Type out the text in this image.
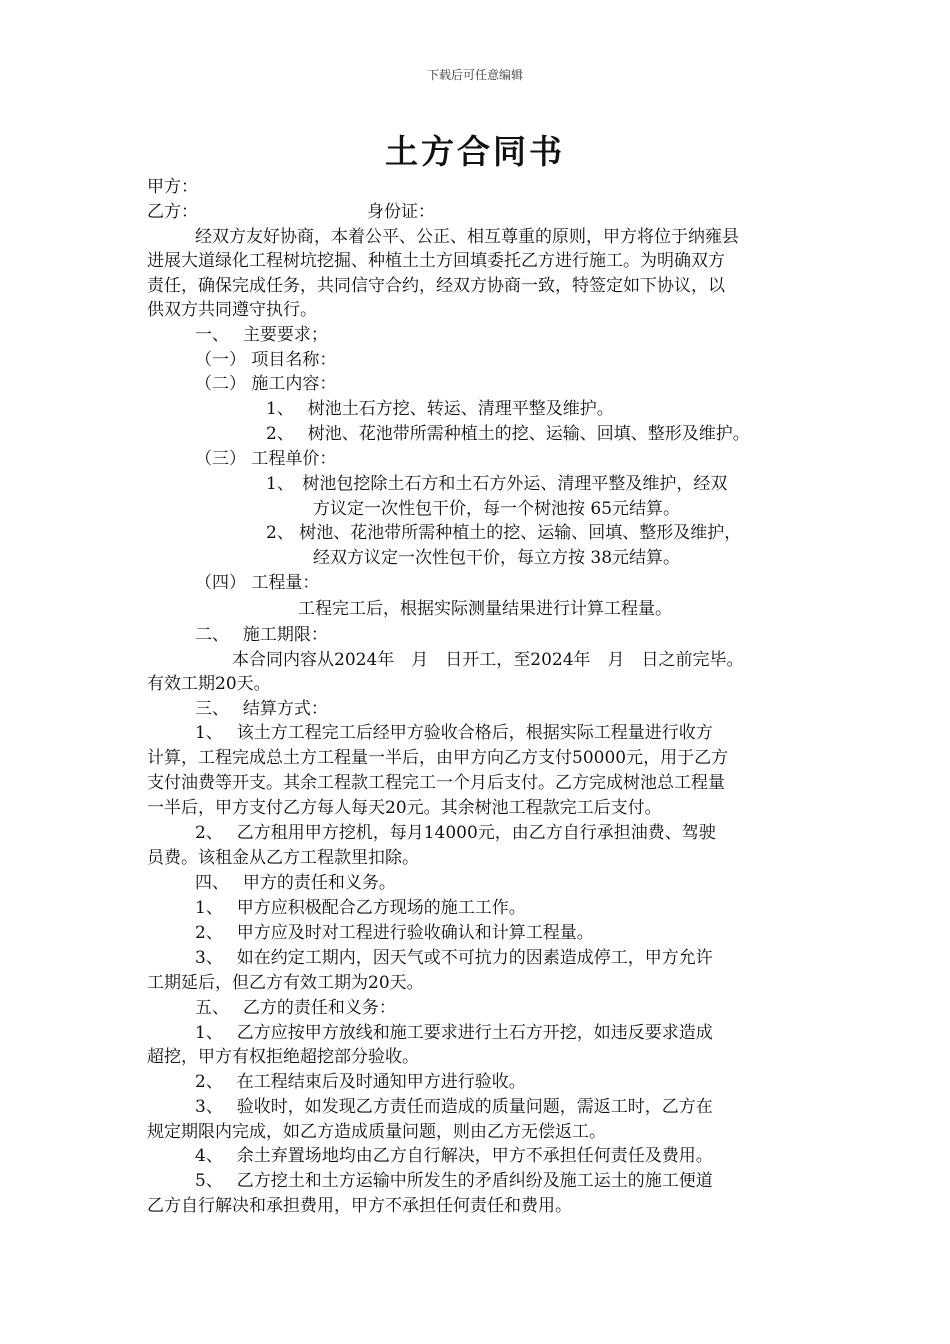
下载后可任意编辑
土方合同书
甲方：
乙方：	身份证：
经双方友好协商，本着公平、公正、相互尊重的原则，甲方将位于纳雍县
进展大道绿化工程树坑挖掘、种植土土方回填委托乙方进行施工。为明确双方
责任，确保完成任务，共同信守合约，经双方协商一致，特签定如下协议，以
供双方共同遵守执行。
一、　 主要要求；
（一） 项目名称：
（二） 施工内容：
1、　 树池土石方挖、转运、清理平整及维护。
2、　 树池、花池带所需种植土的挖、运输、回填、整形及维护。
（三） 工程单价：
1、　树池包挖除土石方和土石方外运、清理平整及维护，经双
方议定一次性包干价，每一个树池按 65元结算。
2、 树池、花池带所需种植土的挖、运输、回填、整形及维护，
经双方议定一次性包干价，每立方按 38元结算。
（四） 工程量：
工程完工后，根据实际测量结果进行计算工程量。
二、　 施工期限：
本合同内容从2024年　月　日开工，至2024年　月　日之前完毕。
有效工期20天。
三、　 结算方式：
1、　 该土方工程完工后经甲方验收合格后，根据实际工程量进行收方
计算，工程完成总土方工程量一半后，由甲方向乙方支付50000元，用于乙方
支付油费等开支。其余工程款工程完工一个月后支付。乙方完成树池总工程量
一半后，甲方支付乙方每人每天20元。其余树池工程款完工后支付。
2、　 乙方租用甲方挖机，每月14000元，由乙方自行承担油费、驾驶
员费。该租金从乙方工程款里扣除。
四、　 甲方的责任和义务。
1、　 甲方应积极配合乙方现场的施工工作。
2、　 甲方应及时对工程进行验收确认和计算工程量。
3、　 如在约定工期内，因天气或不可抗力的因素造成停工，甲方允许
工期延后，但乙方有效工期为20天。
五、　 乙方的责任和义务：
1、　 乙方应按甲方放线和施工要求进行土石方开挖，如违反要求造成
超挖，甲方有权拒绝超挖部分验收。
2、　 在工程结束后及时通知甲方进行验收。
3、　 验收时，如发现乙方责任而造成的质量问题，需返工时，乙方在
规定期限内完成，如乙方造成质量问题，则由乙方无偿返工。
4、　 余土弃置场地均由乙方自行解决，甲方不承担任何责任及费用。
5、　 乙方挖土和土方运输中所发生的矛盾纠纷及施工运土的施工便道
乙方自行解决和承担费用，甲方不承担任何责任和费用。
